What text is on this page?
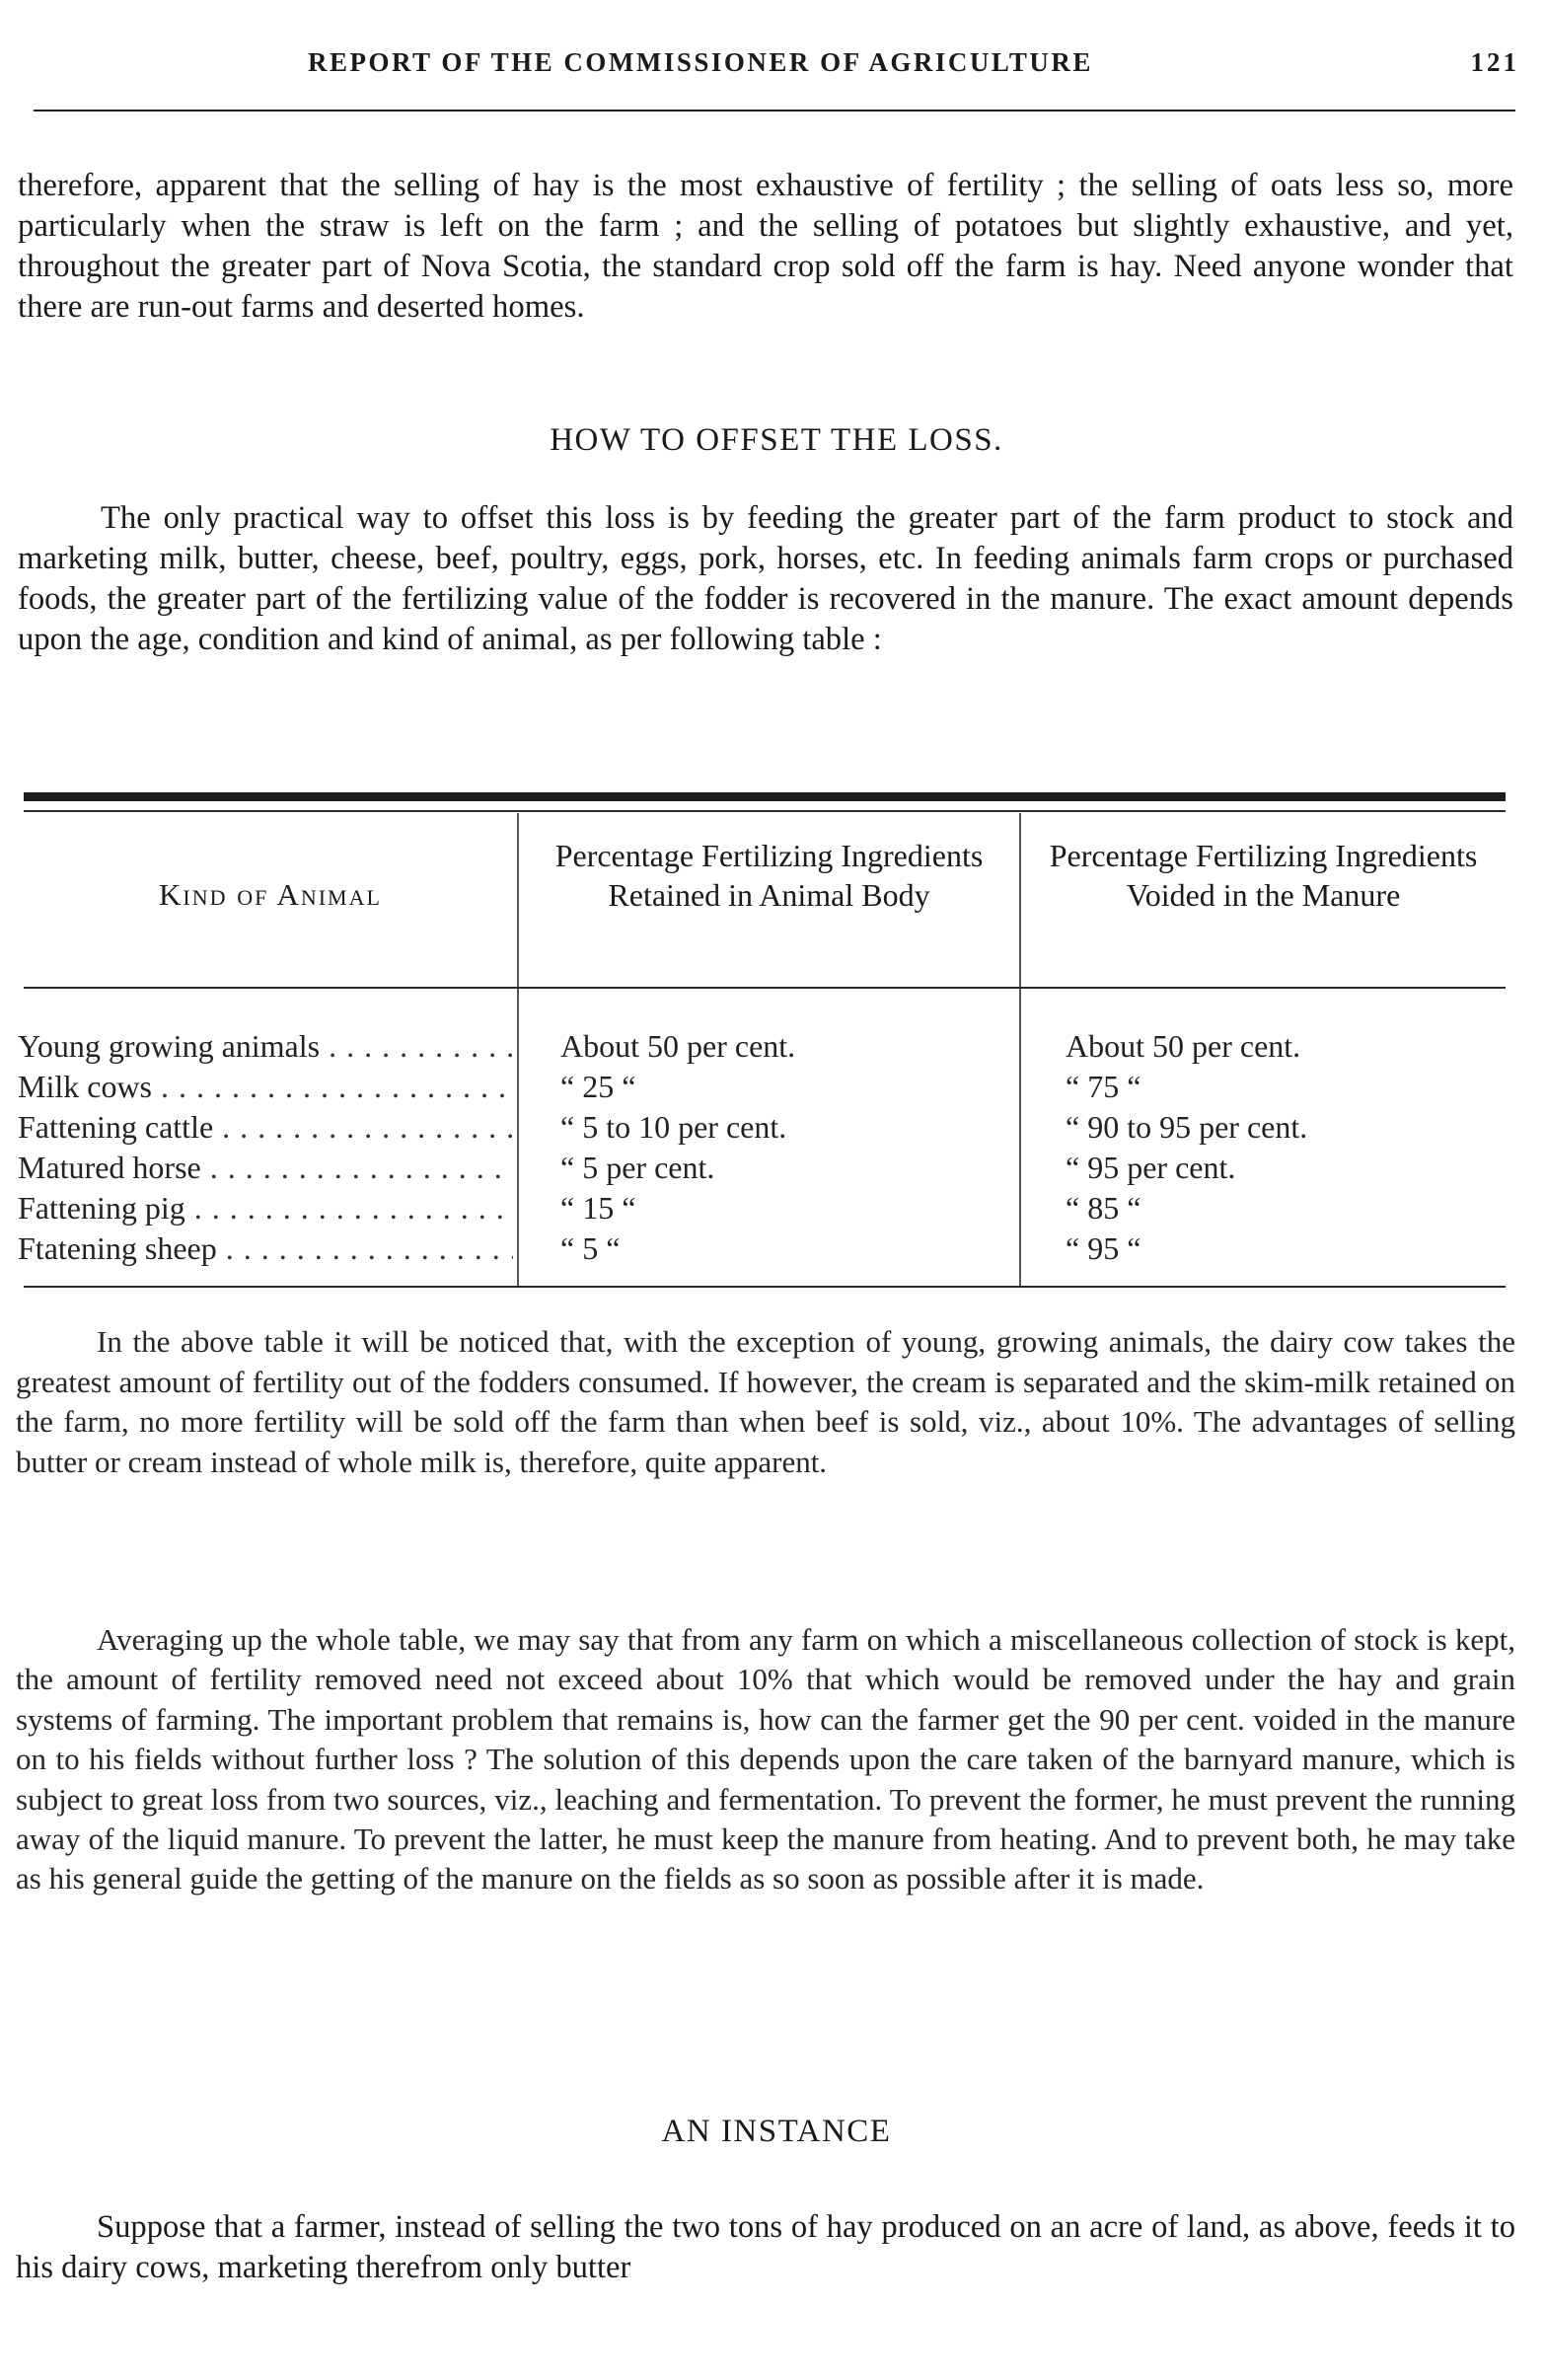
REPORT OF THE COMMISSIONER OF AGRICULTURE	121

therefore, apparent that the selling of hay is the most exhaustive of fertility ; the selling of oats less so, more particularly when the straw is left on the farm ; and the selling of potatoes but slightly exhaustive, and yet, throughout the greater part of Nova Scotia, the standard crop sold off the farm is hay. Need anyone wonder that there are run-out farms and deserted homes.

HOW TO OFFSET THE LOSS.

The only practical way to offset this loss is by feeding the greater part of the farm product to stock and marketing milk, butter, cheese, beef, poultry, eggs, pork, horses, etc. In feeding animals farm crops or purchased foods, the greater part of the fertilizing value of the fodder is recovered in the manure. The exact amount depends upon the age, condition and kind of animal, as per following table :

Kind of Animal
Percentage Fertilizing Ingredients Retained in Animal Body
Percentage Fertilizing Ingredients Voided in the Manure
Young growing animals . . .	About 50 per cent.	About 50 per cent.
Milk cows . . .	“ 25 “	“ 75 “
Fattening cattle . . .	“ 5 to 10 per cent.	“ 90 to 95 per cent.
Matured horse . . .	“ 5 per cent.	“ 95 per cent.
Fattening pig . . .	“ 15 “	“ 85 “
Ftatening sheep . . .	“ 5 “	“ 95 “

In the above table it will be noticed that, with the exception of young, growing animals, the dairy cow takes the greatest amount of fertility out of the fodders consumed. If however, the cream is separated and the skim-milk retained on the farm, no more fertility will be sold off the farm than when beef is sold, viz., about 10%. The advantages of selling butter or cream instead of whole milk is, therefore, quite apparent.

Averaging up the whole table, we may say that from any farm on which a miscellaneous collection of stock is kept, the amount of fertility removed need not exceed about 10% that which would be removed under the hay and grain systems of farming. The important problem that remains is, how can the farmer get the 90 per cent. voided in the manure on to his fields without further loss ? The solution of this depends upon the care taken of the barnyard manure, which is subject to great loss from two sources, viz., leaching and fermentation. To prevent the former, he must prevent the running away of the liquid manure. To prevent the latter, he must keep the manure from heating. And to prevent both, he may take as his general guide the getting of the manure on the fields as so soon as possible after it is made.

AN INSTANCE

Suppose that a farmer, instead of selling the two tons of hay produced on an acre of land, as above, feeds it to his dairy cows, marketing therefrom only butter
